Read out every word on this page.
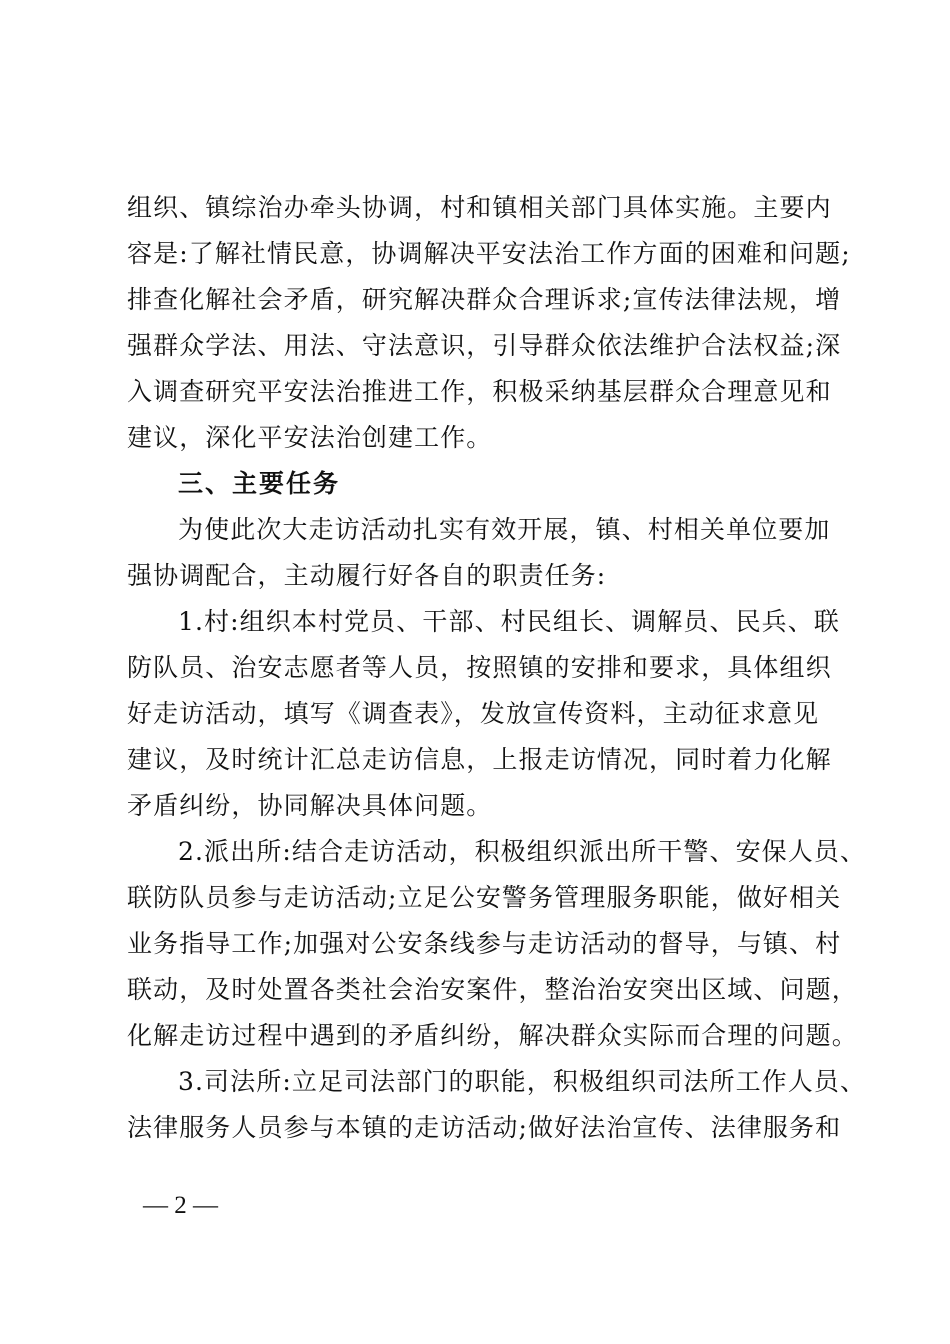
组织、镇综治办牵头协调，村和镇相关部门具体实施。主要内
容是:了解社情民意，协调解决平安法治工作方面的困难和问题;
排查化解社会矛盾，研究解决群众合理诉求;宣传法律法规，增
强群众学法、用法、守法意识，引导群众依法维护合法权益;深
入调查研究平安法治推进工作，积极采纳基层群众合理意见和
建议，深化平安法治创建工作。
三、主要任务
为使此次大走访活动扎实有效开展，镇、村相关单位要加
强协调配合，主动履行好各自的职责任务:
1.村:组织本村党员、干部、村民组长、调解员、民兵、联
防队员、治安志愿者等人员，按照镇的安排和要求，具体组织
好走访活动，填写《调查表》，发放宣传资料，主动征求意见
建议，及时统计汇总走访信息，上报走访情况，同时着力化解
矛盾纠纷，协同解决具体问题。
2.派出所:结合走访活动，积极组织派出所干警、安保人员、
联防队员参与走访活动;立足公安警务管理服务职能，做好相关
业务指导工作;加强对公安条线参与走访活动的督导，与镇、村
联动，及时处置各类社会治安案件，整治治安突出区域、问题，
化解走访过程中遇到的矛盾纠纷，解决群众实际而合理的问题。
3.司法所:立足司法部门的职能，积极组织司法所工作人员、
法律服务人员参与本镇的走访活动;做好法治宣传、法律服务和
— 2 —
